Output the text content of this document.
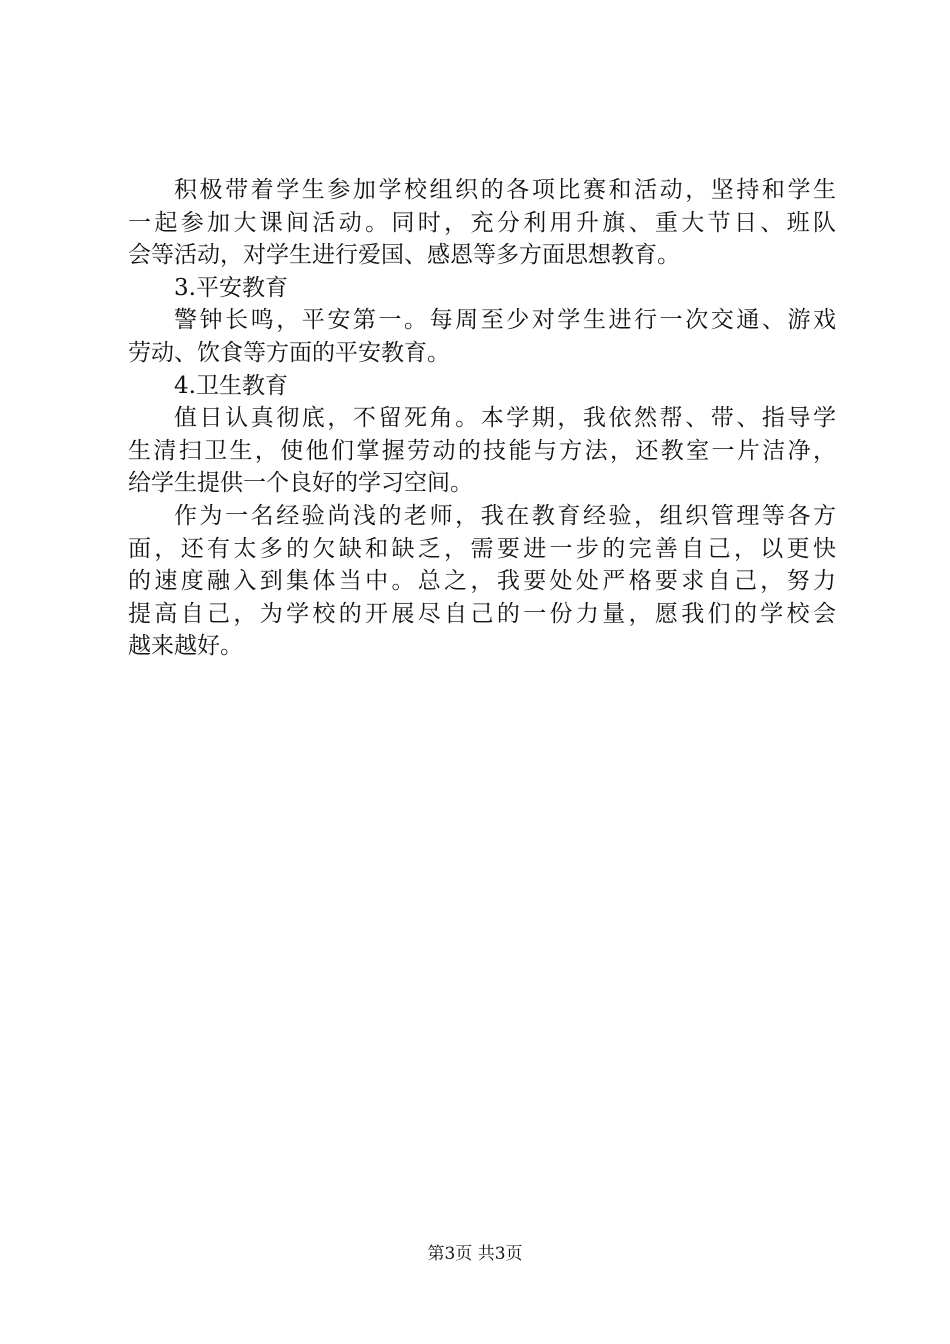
积极带着学生参加学校组织的各项比赛和活动，坚持和学生
一起参加大课间活动。同时，充分利用升旗、重大节日、班队
会等活动，对学生进行爱国、感恩等多方面思想教育。
3.平安教育
警钟长鸣，平安第一。每周至少对学生进行一次交通、游戏
劳动、饮食等方面的平安教育。
4.卫生教育
值日认真彻底，不留死角。本学期，我依然帮、带、指导学
生清扫卫生，使他们掌握劳动的技能与方法，还教室一片洁净，
给学生提供一个良好的学习空间。
作为一名经验尚浅的老师，我在教育经验，组织管理等各方
面，还有太多的欠缺和缺乏，需要进一步的完善自己，以更快
的速度融入到集体当中。总之，我要处处严格要求自己，努力
提高自己，为学校的开展尽自己的一份力量，愿我们的学校会
越来越好。
第3页 共3页
